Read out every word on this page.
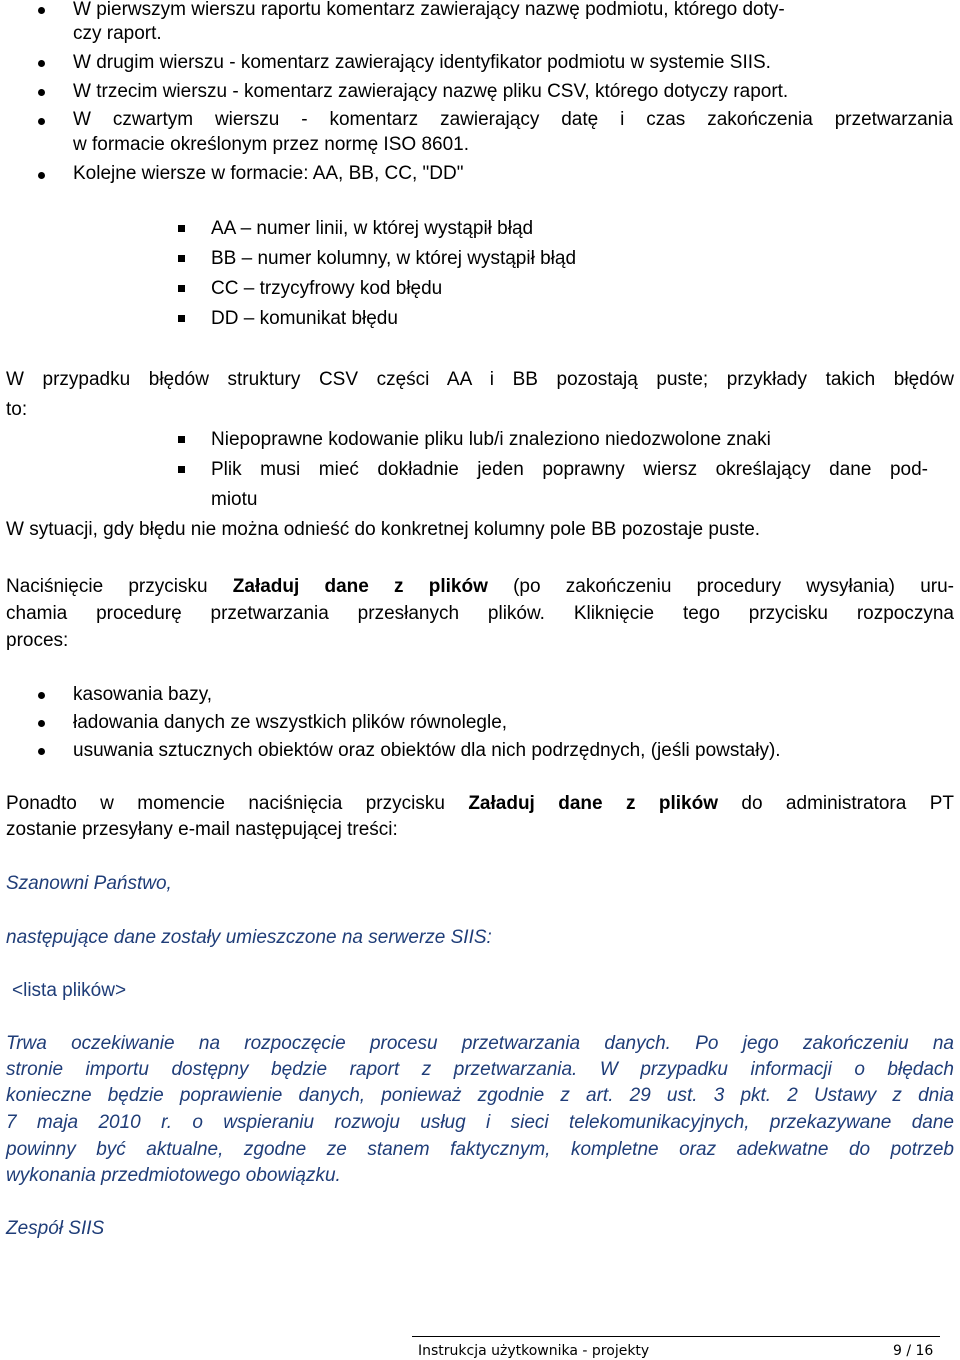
W pierwszym wierszu raportu komentarz zawierający nazwę podmiotu, którego doty-
czy raport.
W drugim wierszu - komentarz zawierający identyfikator podmiotu w systemie SIIS.
W trzecim wierszu - komentarz zawierający nazwę pliku CSV, którego dotyczy raport.
W czwartym wierszu - komentarz zawierający datę i czas zakończenia przetwarzania
w formacie określonym przez normę ISO 8601.
Kolejne wiersze w formacie: AA, BB, CC, "DD"
AA – numer linii, w której wystąpił błąd
BB – numer kolumny, w której wystąpił błąd
CC – trzycyfrowy kod błędu
DD – komunikat błędu
W przypadku błędów struktury CSV części AA i BB pozostają puste; przykłady takich błędów
to:
Niepoprawne kodowanie pliku lub/i znaleziono niedozwolone znaki
Plik musi mieć dokładnie jeden poprawny wiersz określający dane pod-
miotu
W sytuacji, gdy błędu nie można odnieść do konkretnej kolumny pole BB pozostaje puste.
Naciśnięcie przycisku Załaduj dane z plików (po zakończeniu procedury wysyłania) uru-
chamia procedurę przetwarzania przesłanych plików. Kliknięcie tego przycisku rozpoczyna
proces:
kasowania bazy,
ładowania danych ze wszystkich plików równolegle,
usuwania sztucznych obiektów oraz obiektów dla nich podrzędnych, (jeśli powstały).
Ponadto w momencie naciśnięcia przycisku Załaduj dane z plików do administratora PT
zostanie przesyłany e-mail następującej treści:
Szanowni Państwo,
następujące dane zostały umieszczone na serwerze SIIS:
<lista plików>
Trwa oczekiwanie na rozpoczęcie procesu przetwarzania danych. Po jego zakończeniu na
stronie importu dostępny będzie raport z przetwarzania. W przypadku informacji o błędach
konieczne będzie poprawienie danych, ponieważ zgodnie z art. 29 ust. 3 pkt. 2 Ustawy z dnia
7 maja 2010 r. o wspieraniu rozwoju usług i sieci telekomunikacyjnych, przekazywane dane
powinny być aktualne, zgodne ze stanem faktycznym, kompletne oraz adekwatne do potrzeb
wykonania przedmiotowego obowiązku.
Zespół SIIS
Instrukcja użytkownika - projekty	9 / 16
